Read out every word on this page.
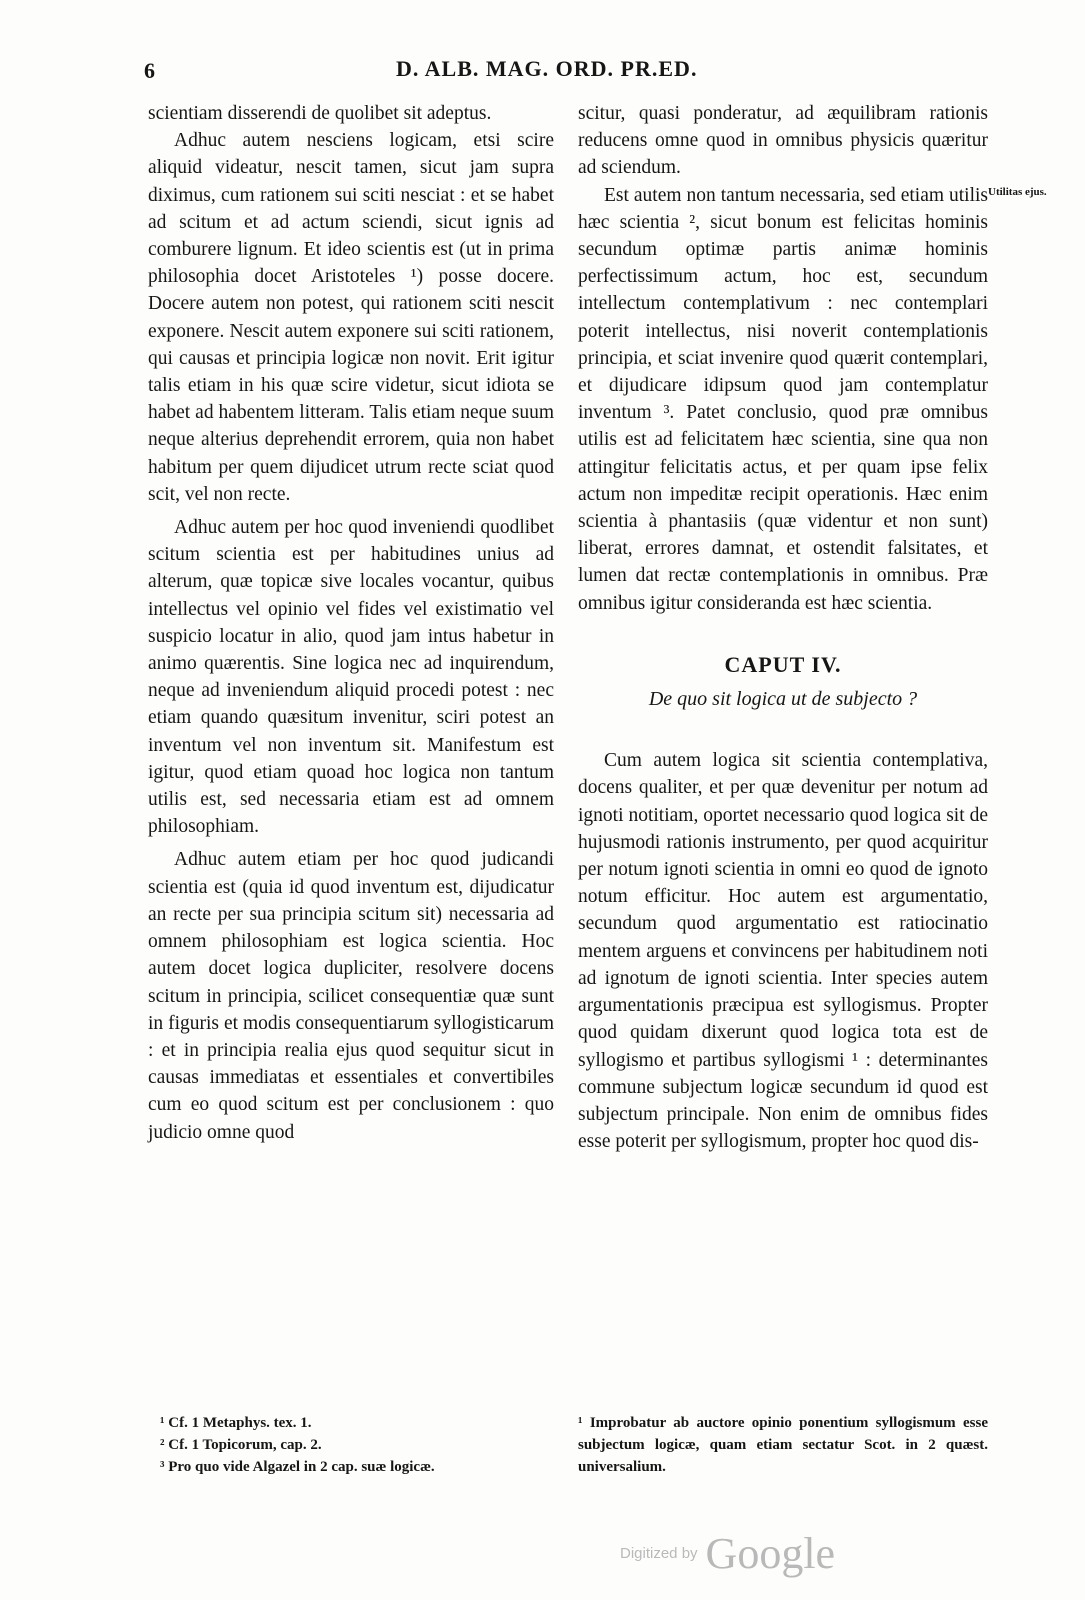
6	D. ALB. MAG. ORD. PR.ED.

scientiam disserendi de quolibet sit adeptus.

Adhuc autem nesciens logicam, etsi scire aliquid videatur, nescit tamen, sicut jam supra diximus, cum rationem sui sciti nesciat : et se habet ad scitum et ad actum sciendi, sicut ignis ad comburere lignum. Et ideo scientis est (ut in prima philosophia docet Aristoteles ¹) posse docere. Docere autem non potest, qui rationem sciti nescit exponere. Nescit autem exponere sui sciti rationem, qui causas et principia logicæ non novit. Erit igitur talis etiam in his quæ scire videtur, sicut idiota se habet ad habentem litteram. Talis etiam neque suum neque alterius deprehendit errorem, quia non habet habitum per quem dijudicet utrum recte sciat quod scit, vel non recte.

Adhuc autem per hoc quod inveniendi quodlibet scitum scientia est per habitudines unius ad alterum, quæ topicæ sive locales vocantur, quibus intellectus vel opinio vel fides vel existimatio vel suspicio locatur in alio, quod jam intus habetur in animo quærentis. Sine logica nec ad inquirendum, neque ad inveniendum aliquid procedi potest : nec etiam quando quæsitum invenitur, sciri potest an inventum vel non inventum sit. Manifestum est igitur, quod etiam quoad hoc logica non tantum utilis est, sed necessaria etiam est ad omnem philosophiam.

Adhuc autem etiam per hoc quod judicandi scientia est (quia id quod inventum est, dijudicatur an recte per sua principia scitum sit) necessaria ad omnem philosophiam est logica scientia. Hoc autem docet logica dupliciter, resolvere docens scitum in principia, scilicet consequentiæ quæ sunt in figuris et modis consequentiarum syllogisticarum : et in principia realia ejus quod sequitur sicut in causas immediatas et essentiales et convertibiles cum eo quod scitum est per conclusionem : quo judicio omne quod

scitur, quasi ponderatur, ad æquilibram rationis reducens omne quod in omnibus physicis quæritur ad sciendum.

Est autem non tantum necessaria, sed etiam utilis hæc scientia ², sicut bonum est felicitas hominis secundum optimæ partis animæ hominis perfectissimum actum, hoc est, secundum intellectum contemplativum : nec contemplari poterit intellectus, nisi noverit contemplationis principia, et sciat invenire quod quærit contemplari, et dijudicare idipsum quod jam contemplatur inventum ³. Patet conclusio, quod præ omnibus utilis est ad felicitatem hæc scientia, sine qua non attingitur felicitatis actus, et per quam ipse felix actum non impeditæ recipit operationis. Hæc enim scientia à phantasiis (quæ videntur et non sunt) liberat, errores damnat, et ostendit falsitates, et lumen dat rectæ contemplationis in omnibus. Præ omnibus igitur consideranda est hæc scientia.

CAPUT IV.
De quo sit logica ut de subjecto ?

Cum autem logica sit scientia contemplativa, docens qualiter, et per quæ devenitur per notum ad ignoti notitiam, oportet necessario quod logica sit de hujusmodi rationis instrumento, per quod acquiritur per notum ignoti scientia in omni eo quod de ignoto notum efficitur. Hoc autem est argumentatio, secundum quod argumentatio est ratiocinatio mentem arguens et convincens per habitudinem noti ad ignotum de ignoti scientia. Inter species autem argumentationis præcipua est syllogismus. Propter quod quidam dixerunt quod logica tota est de syllogismo et partibus syllogismi ¹ : determinantes commune subjectum logicæ secundum id quod est subjectum principale. Non enim de omnibus fides esse poterit per syllogismum, propter hoc quod dis-

Utilitas ejus.
¹ Cf. 1 Metaphys. tex. 1.
² Cf. 1 Topicorum, cap. 2.
³ Pro quo vide Algazel in 2 cap. suæ logicæ.
¹ Improbatur ab auctore opinio ponentium syllogismum esse subjectum logicæ, quam etiam sectatur Scot. in 2 quæst. universalium.
Digitized by Google
